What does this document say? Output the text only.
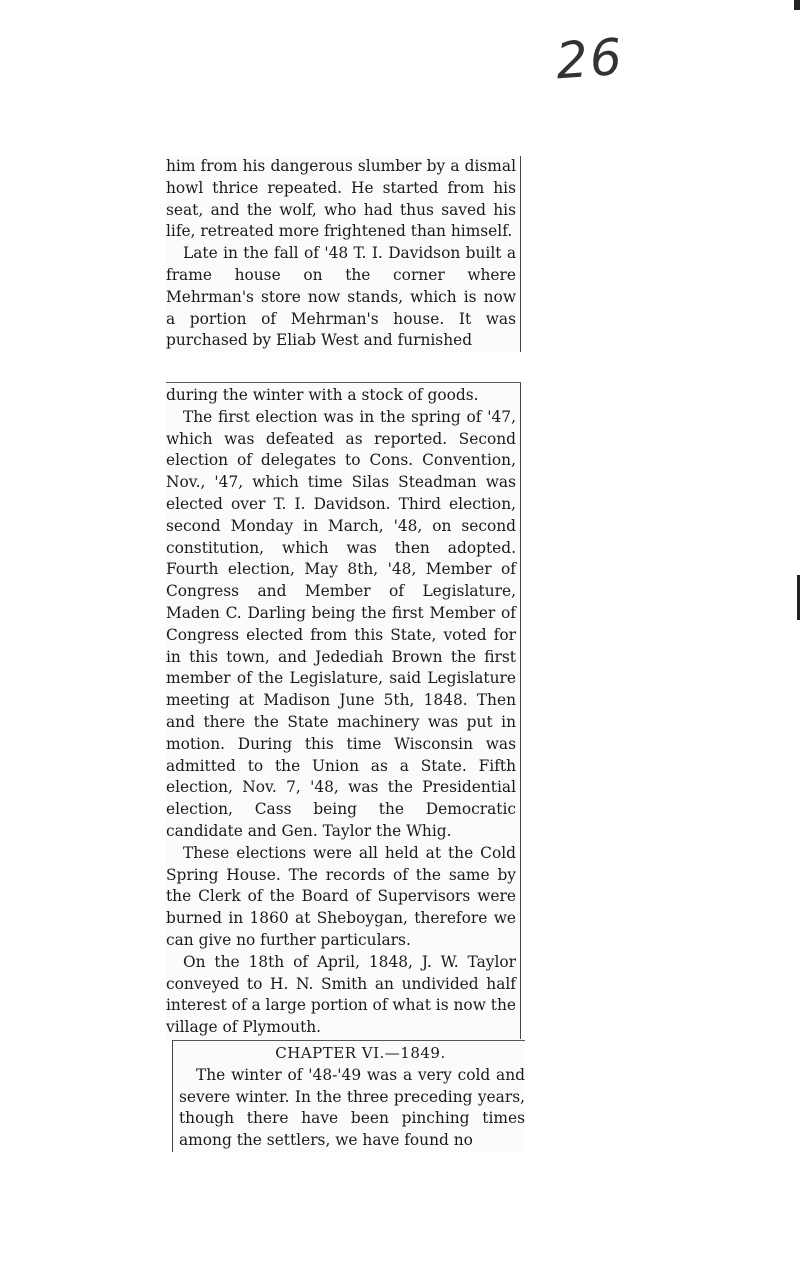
26

him from his dangerous slumber by a dismal howl thrice repeated. He started from his seat, and the wolf, who had thus saved his life, retreated more frightened than himself.

Late in the fall of '48 T. I. Davidson built a frame house on the corner where Mehrman's store now stands, which is now a portion of Mehrman's house. It was purchased by Eliab West and furnished

during the winter with a stock of goods.

The first election was in the spring of '47, which was defeated as reported. Second election of delegates to Cons. Convention, Nov., '47, which time Silas Steadman was elected over T. I. Davidson. Third election, second Monday in March, '48, on second constitution, which was then adopted. Fourth election, May 8th, '48, Member of Congress and Member of Legislature, Maden C. Darling being the first Member of Congress elected from this State, voted for in this town, and Jedediah Brown the first member of the Legislature, said Legislature meeting at Madison June 5th, 1848. Then and there the State machinery was put in motion. During this time Wisconsin was admitted to the Union as a State. Fifth election, Nov. 7, '48, was the Presidential election, Cass being the Democratic candidate and Gen. Taylor the Whig.

These elections were all held at the Cold Spring House. The records of the same by the Clerk of the Board of Supervisors were burned in 1860 at Sheboygan, therefore we can give no further particulars.

On the 18th of April, 1848, J. W. Taylor conveyed to H. N. Smith an undivided half interest of a large portion of what is now the village of Plymouth.

CHAPTER VI.—1849.

The winter of '48-'49 was a very cold and severe winter. In the three preceding years, though there have been pinching times among the settlers, we have found no
